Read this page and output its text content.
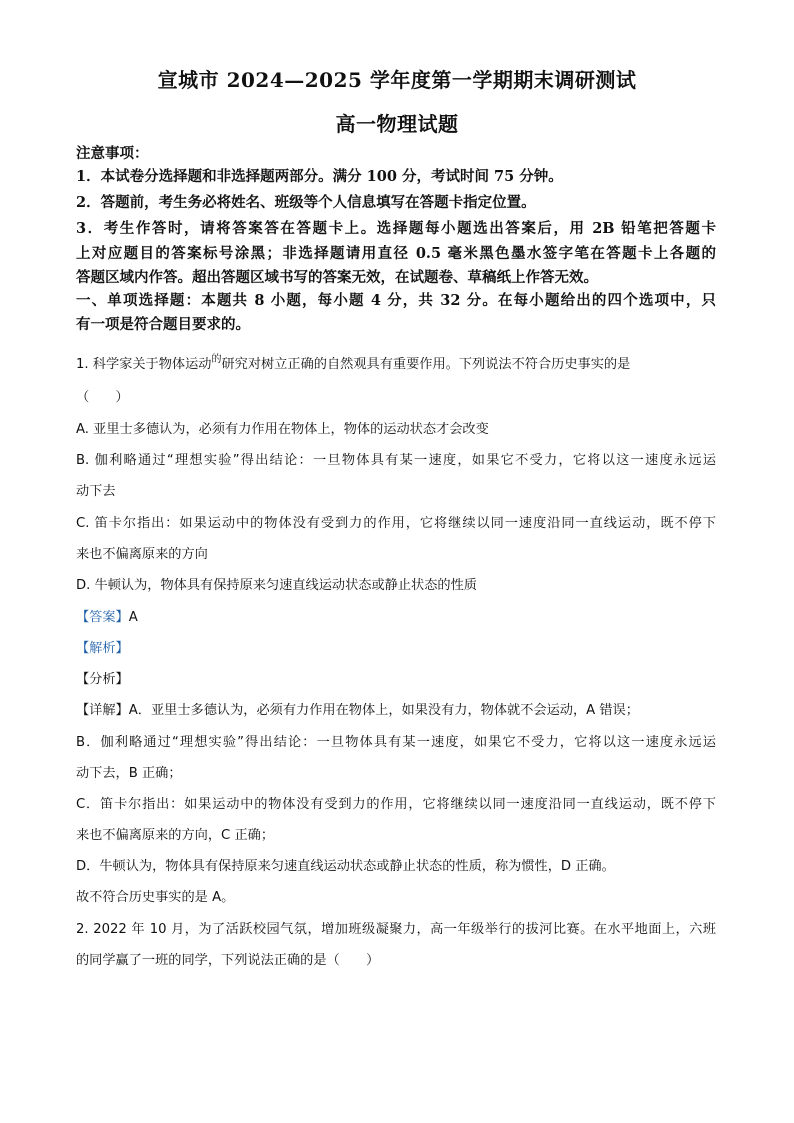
宣城市 2024—2025 学年度第一学期期末调研测试
高一物理试题
注意事项：
1．本试卷分选择题和非选择题两部分。满分 100 分，考试时间 75 分钟。
2．答题前，考生务必将姓名、班级等个人信息填写在答题卡指定位置。
3．考生作答时，请将答案答在答题卡上。选择题每小题选出答案后，用 2B 铅笔把答题卡
上对应题目的答案标号涂黑；非选择题请用直径 0.5 毫米黑色墨水签字笔在答题卡上各题的
答题区域内作答。超出答题区域书写的答案无效，在试题卷、草稿纸上作答无效。
一、单项选择题：本题共 8 小题，每小题 4 分，共 32 分。在每小题给出的四个选项中，只
有一项是符合题目要求的。
1. 科学家关于物体运动$^的$研究对树立正确的自然观具有重要作用。下列说法不符合历史事实的是
（　　）
A. 亚里士多德认为，必须有力作用在物体上，物体的运动状态才会改变
B. 伽利略通过“理想实验”得出结论：一旦物体具有某一速度，如果它不受力，它将以这一速度永远运
动下去
C. 笛卡尔指出：如果运动中的物体没有受到力的作用，它将继续以同一速度沿同一直线运动，既不停下
来也不偏离原来的方向
D. 牛顿认为，物体具有保持原来匀速直线运动状态或静止状态的性质
【答案】A
【解析】
【分析】
【详解】A．亚里士多德认为，必须有力作用在物体上，如果没有力，物体就不会运动，A 错误；
B．伽利略通过“理想实验”得出结论：一旦物体具有某一速度，如果它不受力，它将以这一速度永远运
动下去，B 正确；
C．笛卡尔指出：如果运动中的物体没有受到力的作用，它将继续以同一速度沿同一直线运动，既不停下
来也不偏离原来的方向，C 正确；
D．牛顿认为，物体具有保持原来匀速直线运动状态或静止状态的性质，称为惯性，D 正确。
故不符合历史事实的是 A。
2. 2022 年 10 月，为了活跃校园气氛，增加班级凝聚力，高一年级举行的拔河比赛。在水平地面上，六班
的同学赢了一班的同学，下列说法正确的是（　　）
